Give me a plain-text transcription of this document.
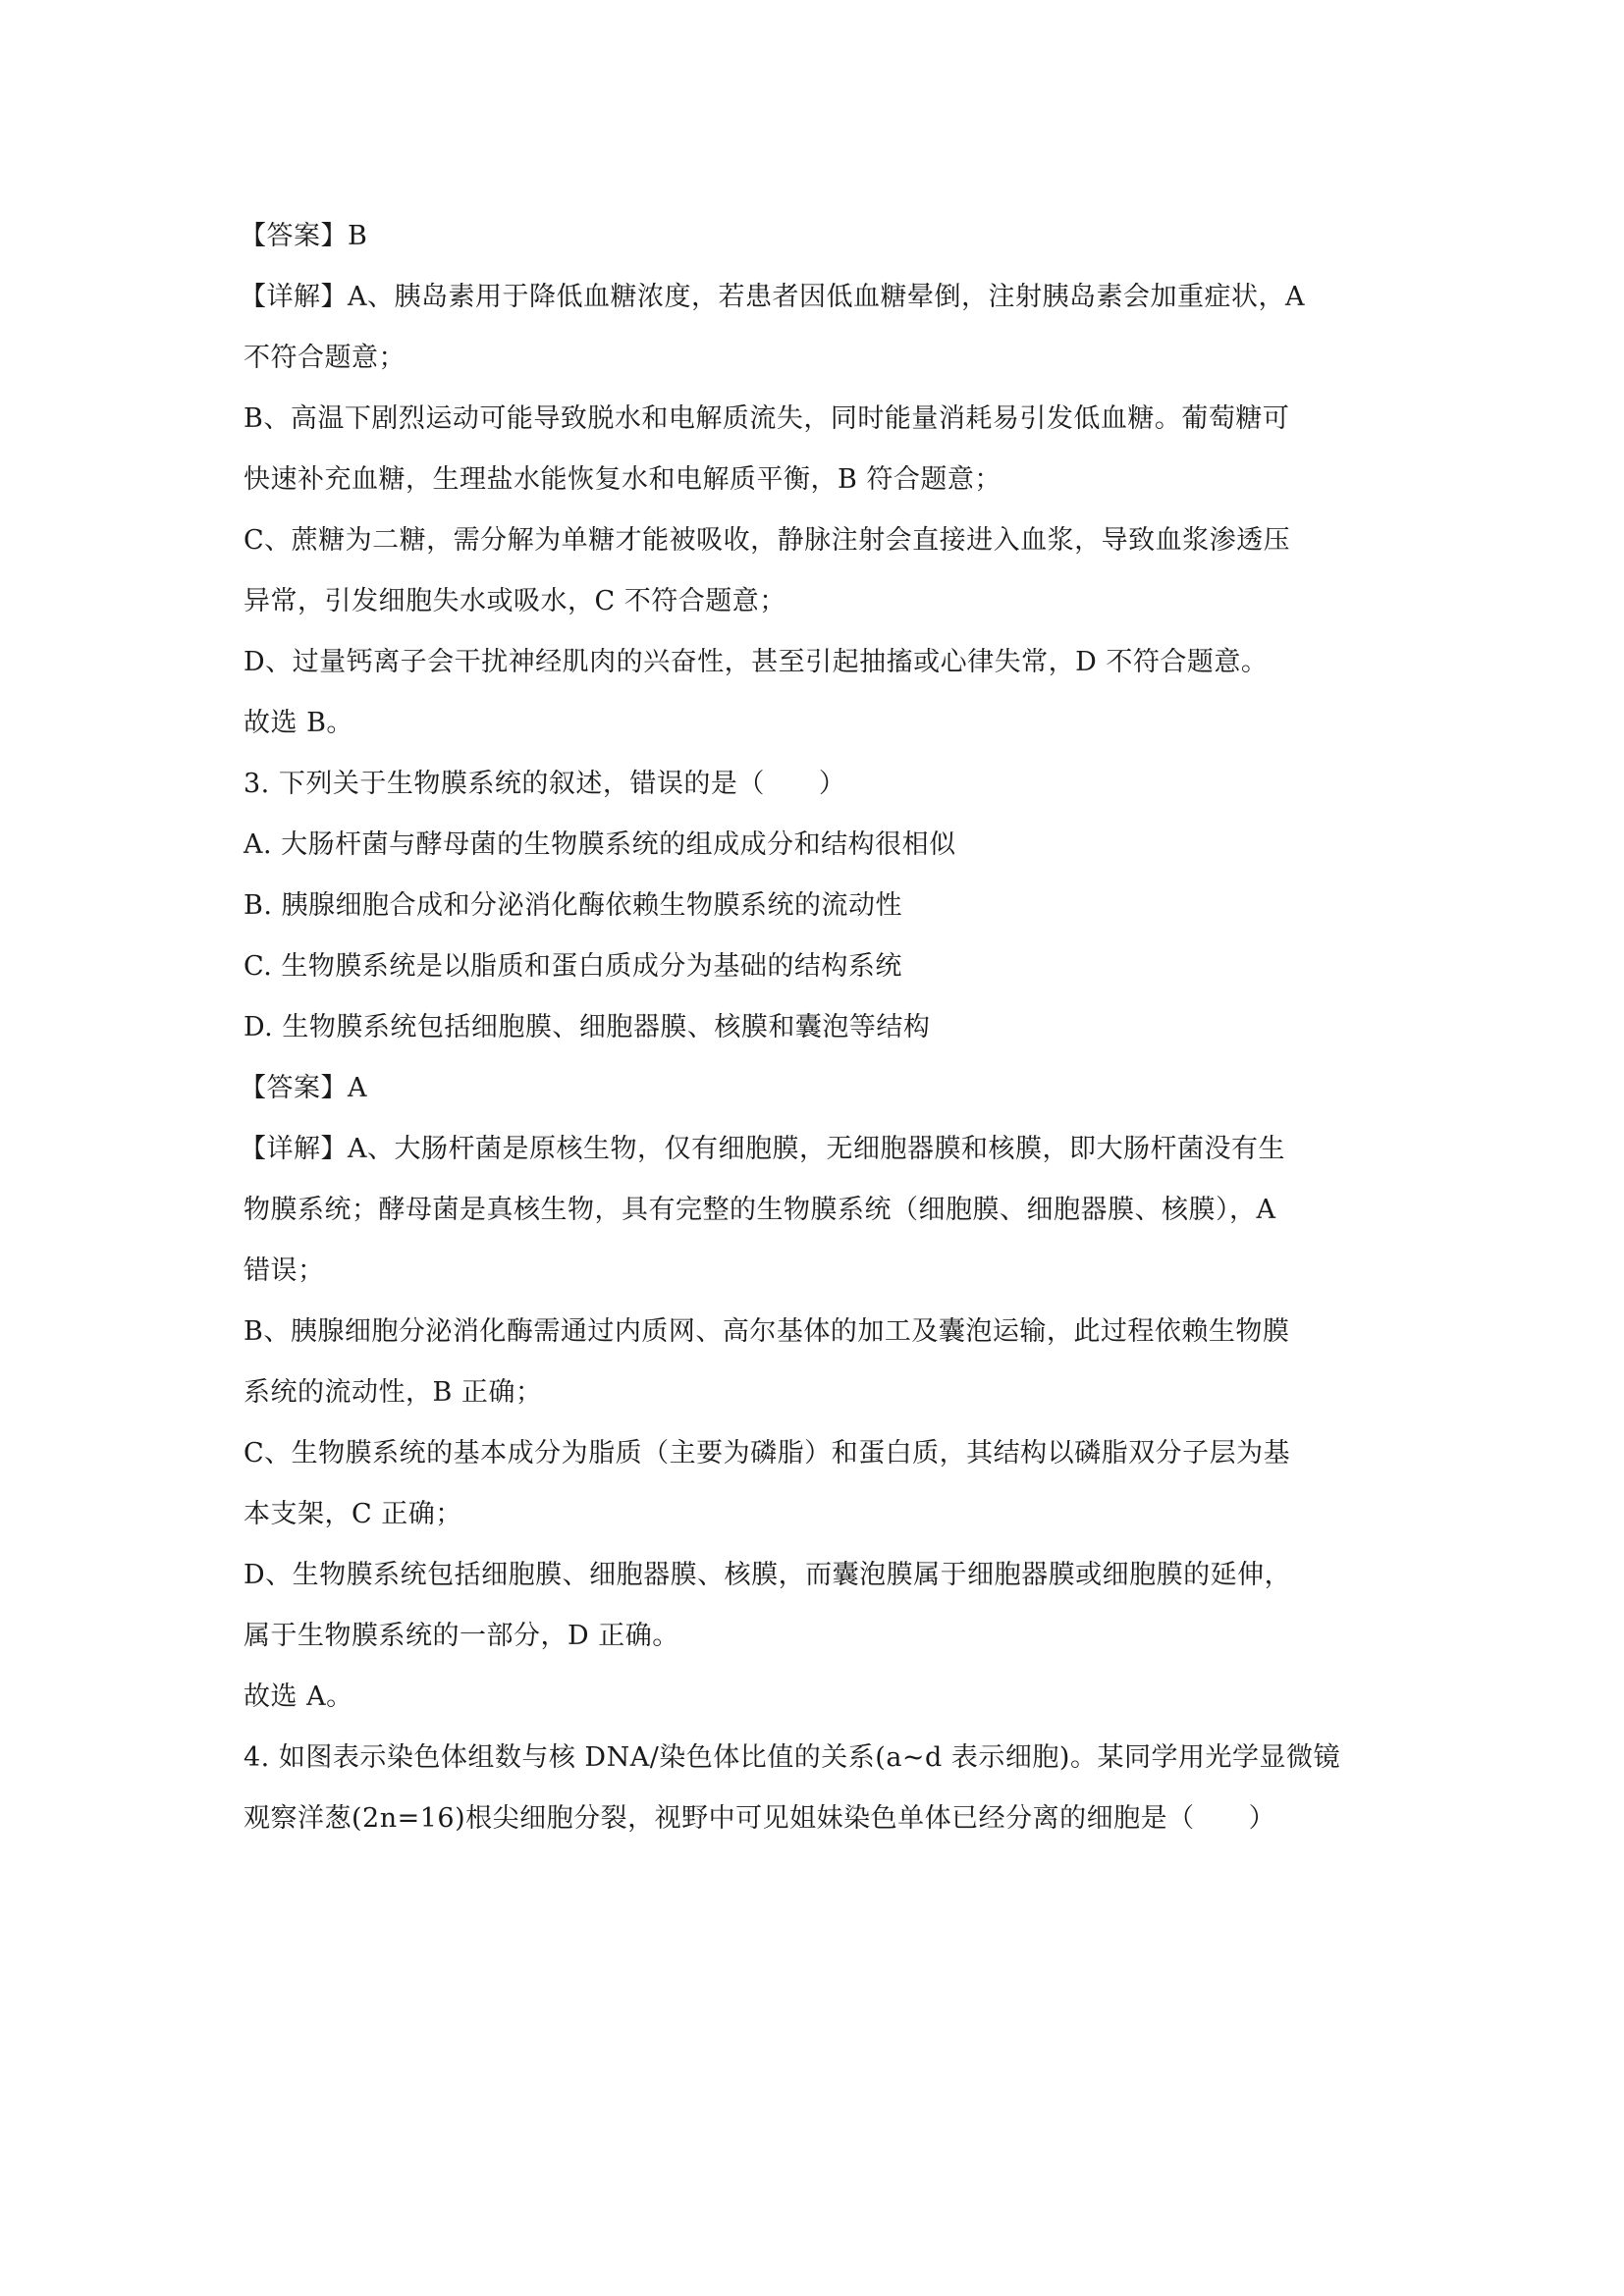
【答案】B
【详解】A、胰岛素用于降低血糖浓度，若患者因低血糖晕倒，注射胰岛素会加重症状，A
不符合题意；
B、高温下剧烈运动可能导致脱水和电解质流失，同时能量消耗易引发低血糖。葡萄糖可
快速补充血糖，生理盐水能恢复水和电解质平衡，B 符合题意；
C、蔗糖为二糖，需分解为单糖才能被吸收，静脉注射会直接进入血浆，导致血浆渗透压
异常，引发细胞失水或吸水，C 不符合题意；
D、过量钙离子会干扰神经肌肉的兴奋性，甚至引起抽搐或心律失常，D 不符合题意。
故选 B。
3. 下列关于生物膜系统的叙述，错误的是（　　）
A. 大肠杆菌与酵母菌的生物膜系统的组成成分和结构很相似
B. 胰腺细胞合成和分泌消化酶依赖生物膜系统的流动性
C. 生物膜系统是以脂质和蛋白质成分为基础的结构系统
D. 生物膜系统包括细胞膜、细胞器膜、核膜和囊泡等结构
【答案】A
【详解】A、大肠杆菌是原核生物，仅有细胞膜，无细胞器膜和核膜，即大肠杆菌没有生
物膜系统；酵母菌是真核生物，具有完整的生物膜系统（细胞膜、细胞器膜、核膜），A
错误；
B、胰腺细胞分泌消化酶需通过内质网、高尔基体的加工及囊泡运输，此过程依赖生物膜
系统的流动性，B 正确；
C、生物膜系统的基本成分为脂质（主要为磷脂）和蛋白质，其结构以磷脂双分子层为基
本支架，C 正确；
D、生物膜系统包括细胞膜、细胞器膜、核膜，而囊泡膜属于细胞器膜或细胞膜的延伸，
属于生物膜系统的一部分，D 正确。
故选 A。
4. 如图表示染色体组数与核 DNA/染色体比值的关系(a~d 表示细胞)。某同学用光学显微镜
观察洋葱(2n=16)根尖细胞分裂，视野中可见姐妹染色单体已经分离的细胞是（　　）
